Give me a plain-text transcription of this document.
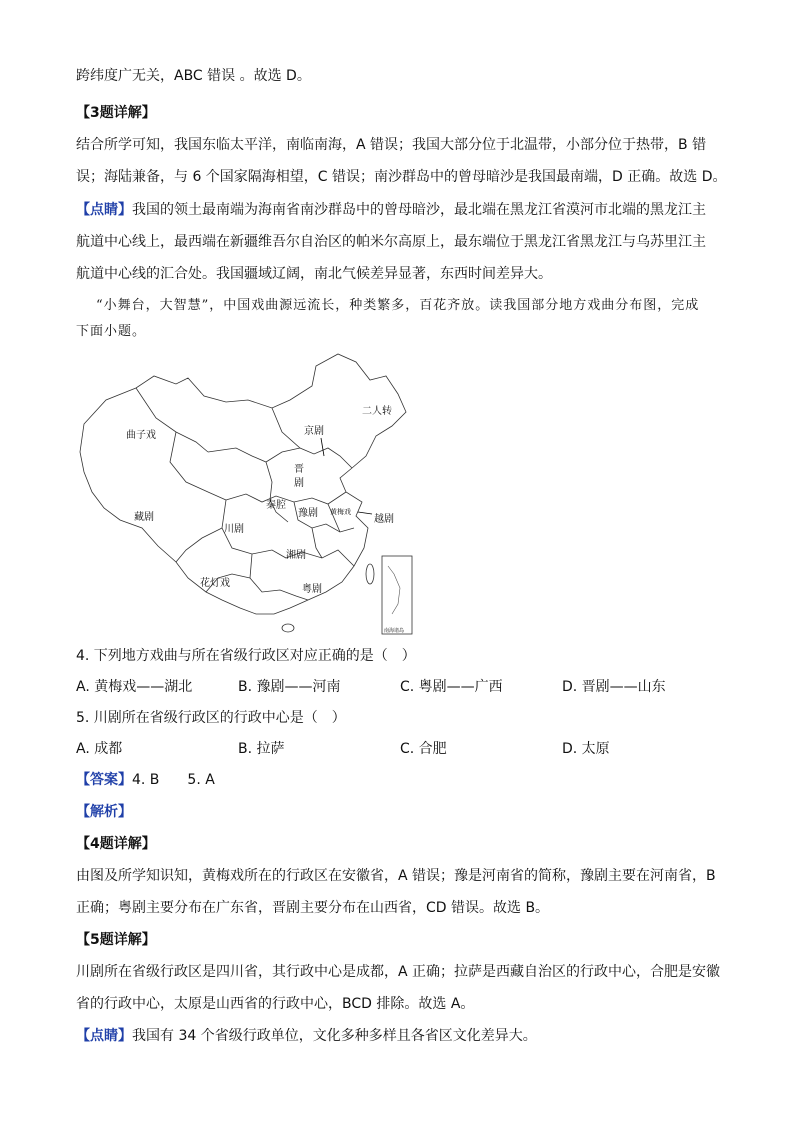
跨纬度广无关，ABC 错误 。故选 D。
【3题详解】
结合所学可知，我国东临太平洋，南临南海，A 错误；我国大部分位于北温带，小部分位于热带，B 错
误；海陆兼备，与 6 个国家隔海相望，C 错误；南沙群岛中的曾母暗沙是我国最南端，D 正确。故选 D。
【点睛】我国的领土最南端为海南省南沙群岛中的曾母暗沙，最北端在黑龙江省漠河市北端的黑龙江主
航道中心线上，最西端在新疆维吾尔自治区的帕米尔高原上，最东端位于黑龙江省黑龙江与乌苏里江主
航道中心线的汇合处。我国疆域辽阔，南北气候差异显著，东西时间差异大。
“小舞台，大智慧”，中国戏曲源远流长，种类繁多，百花齐放。读我国部分地方戏曲分布图，完成
下面小题。
曲子戏
二人转
京剧
晋
剧
秦腔
豫剧 黄梅戏
越剧
藏剧
川剧
湘剧
花灯戏
粤剧
南海诸岛
4. 下列地方戏曲与所在省级行政区对应正确的是（　）
A. 黄梅戏——湖北	B. 豫剧——河南	C. 粤剧——广西	D. 晋剧——山东
5. 川剧所在省级行政区的行政中心是（　）
A. 成都	B. 拉萨	C. 合肥	D. 太原
【答案】4. B　　5. A
【解析】
【4题详解】
由图及所学知识知，黄梅戏所在的行政区在安徽省，A 错误；豫是河南省的简称，豫剧主要在河南省，B
正确；粤剧主要分布在广东省，晋剧主要分布在山西省，CD 错误。故选 B。
【5题详解】
川剧所在省级行政区是四川省，其行政中心是成都，A 正确；拉萨是西藏自治区的行政中心，合肥是安徽
省的行政中心，太原是山西省的行政中心，BCD 排除。故选 A。
【点睛】我国有 34 个省级行政单位，文化多种多样且各省区文化差异大。
